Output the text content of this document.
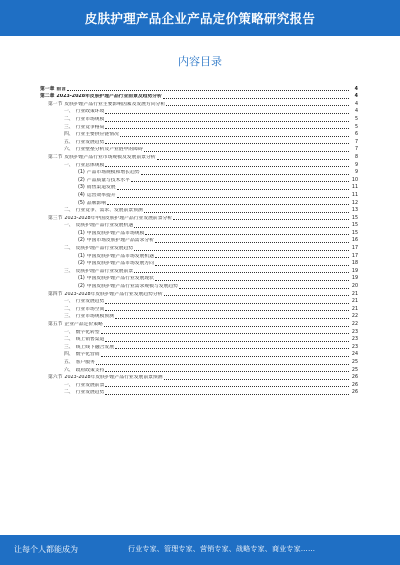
皮肤护理产品企业产品定价策略研究报告
内容目录
第一章 前言	4
第二章 2023-2028年皮肤护理产品行业前景及趋势分析	4
第一节 皮肤护理产品行业主要影响因素及发展方向分析	4
一、 行业政策环境	4
二、 行业市场规模	5
三、 行业竞争格局	5
四、 行业主要供应链情况	6
五、 行业发展趋势	7
六、 行业壁垒分析及产业链中的障碍	7
第二节 皮肤护理产品行业市场规模及发展前景分析	8
一、 行业总体规模	9
(1) 产品市场规模和增长趋势	9
(2) 产品质量与技术水平	10
(3) 销售渠道发展	11
(4) 运营效率提升	11
(5) 品牌影响	12
二、 行业竞争、需求、发展前景预测	13
第三节 2023-2028年中国皮肤护理产品行业发展前景分析	15
一、 皮肤护理产品行业发展机遇	15
(1) 中国皮肤护理产品市场规模	15
(2) 中国市场皮肤护理产品需求分析	16
二、 皮肤护理产品行业发展趋势	17
(1) 中国皮肤护理产品市场发展机遇	17
(2) 中国皮肤护理产品市场发展方向	18
三、 皮肤护理产品行业发展前景	19
(1) 中国皮肤护理产品行业发展现状	19
(2) 中国皮肤护理产品行业需求规模与发展趋势	20
第四节 2023-2028年皮肤护理产品行业发展趋势分析	21
一、 行业发展趋势	21
二、 行业市场空间	21
三、 行业市场规模预测	22
第五节 企业产品定价策略	22
一、 数字化转型	23
二、 线上销售渠道	23
三、 线上线下融合发展	23
四、 数字化营销	24
五、 客户服务	25
六、 政府政策支持	25
第六节 2023-2028年皮肤护理产品行业发展前景预测	26
一、 行业发展前景	26
二、 行业发展趋势	26
让每个人都能成为	行业专家、管理专家、营销专家、战略专家、商业专家……
